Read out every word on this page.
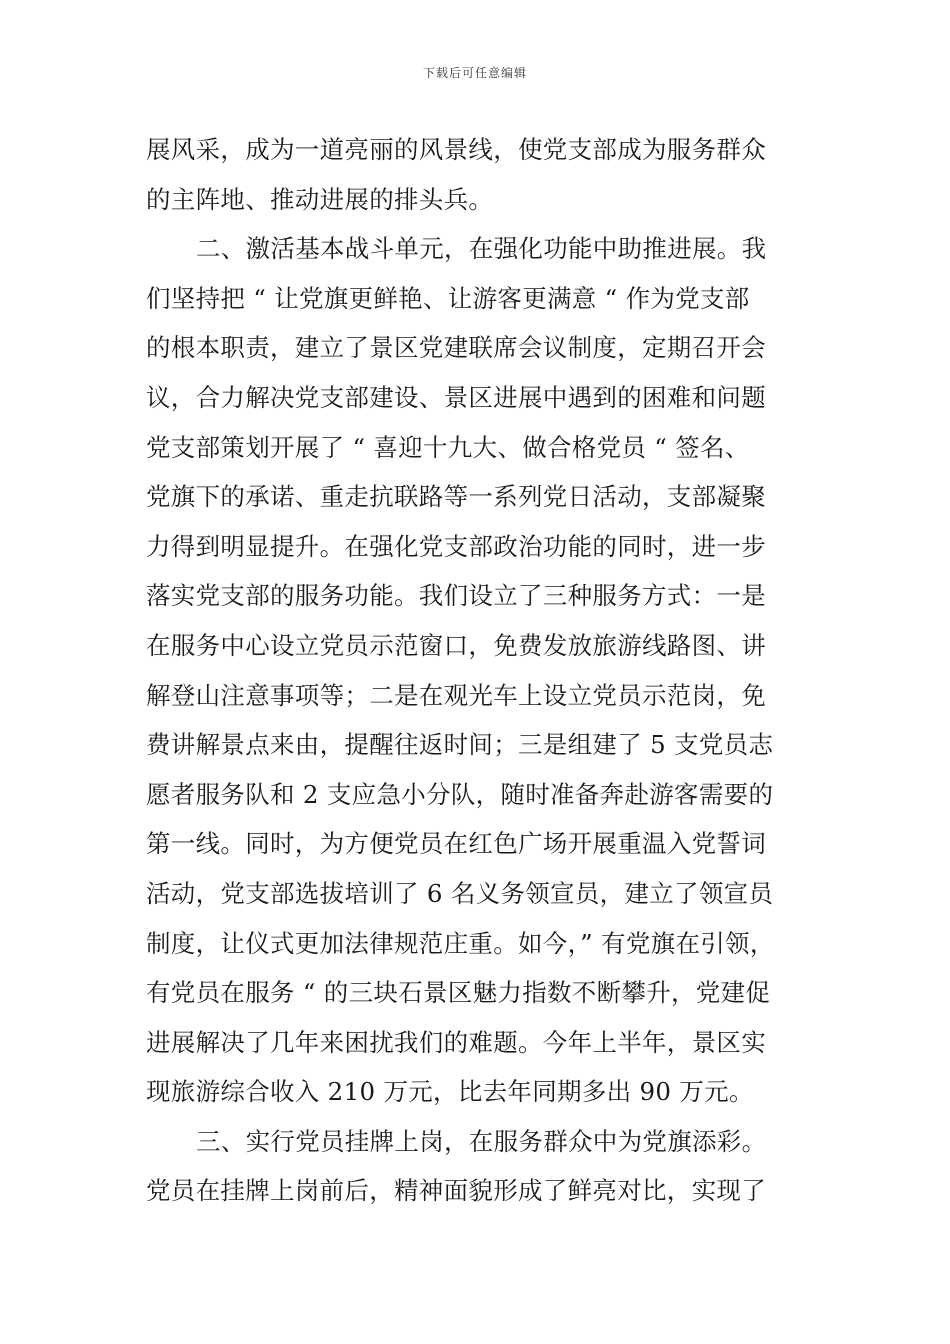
下载后可任意编辑
展风采，成为一道亮丽的风景线，使党支部成为服务群众
的主阵地、推动进展的排头兵。
二、激活基本战斗单元，在强化功能中助推进展。我
们坚持把 “ 让党旗更鲜艳、让游客更满意 “ 作为党支部
的根本职责，建立了景区党建联席会议制度，定期召开会
议，合力解决党支部建设、景区进展中遇到的困难和问题
党支部策划开展了 “ 喜迎十九大、做合格党员 “ 签名、
党旗下的承诺、重走抗联路等一系列党日活动，支部凝聚
力得到明显提升。在强化党支部政治功能的同时，进一步
落实党支部的服务功能。我们设立了三种服务方式：一是
在服务中心设立党员示范窗口，免费发放旅游线路图、讲
解登山注意事项等；二是在观光车上设立党员示范岗，免
费讲解景点来由，提醒往返时间；三是组建了 5 支党员志
愿者服务队和 2 支应急小分队，随时准备奔赴游客需要的
第一线。同时，为方便党员在红色广场开展重温入党誓词
活动，党支部选拔培训了 6 名义务领宣员，建立了领宣员
制度，让仪式更加法律规范庄重。如今，” 有党旗在引领，
有党员在服务 “ 的三块石景区魅力指数不断攀升，党建促
进展解决了几年来困扰我们的难题。今年上半年，景区实
现旅游综合收入 210 万元，比去年同期多出 90 万元。
三、实行党员挂牌上岗，在服务群众中为党旗添彩。
党员在挂牌上岗前后，精神面貌形成了鲜亮对比，实现了
